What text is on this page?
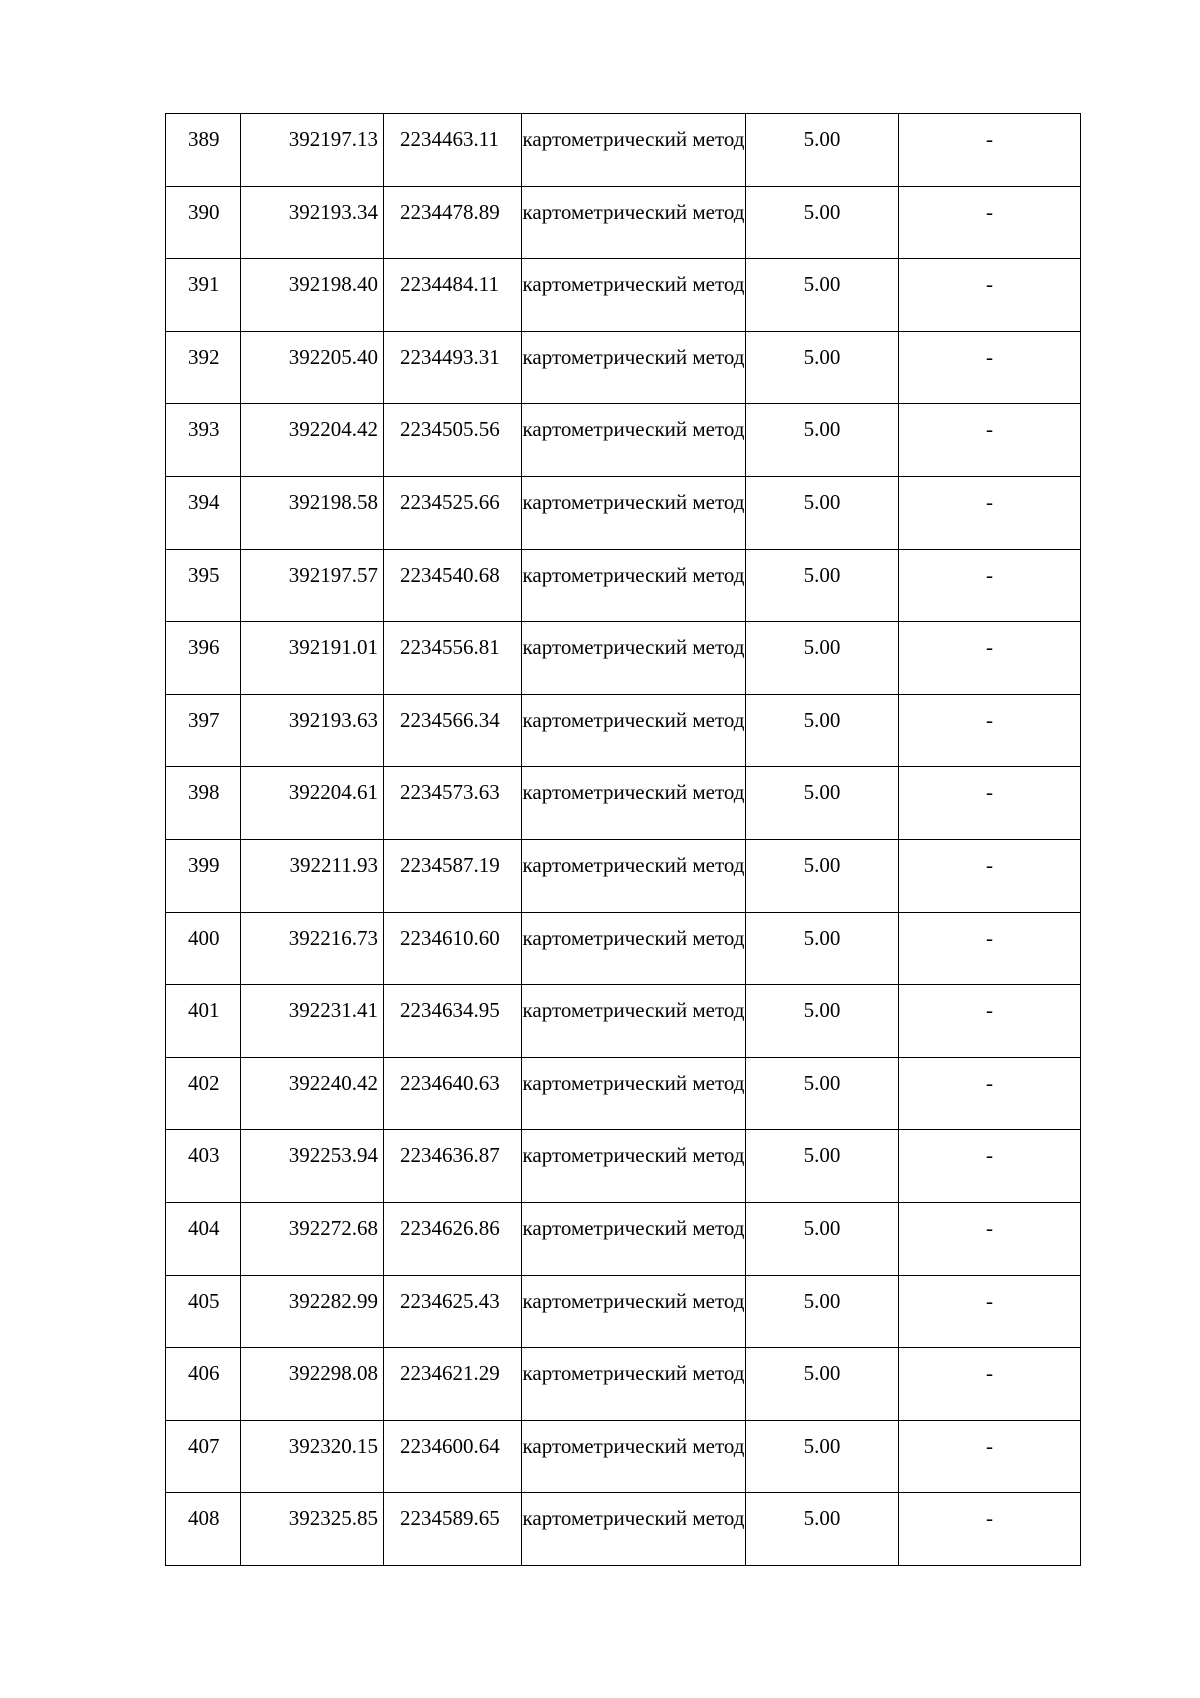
389	392197.13	2234463.11	картометрический метод	5.00	-

390	392193.34	2234478.89	картометрический метод	5.00	-

391	392198.40	2234484.11	картометрический метод	5.00	-

392	392205.40	2234493.31	картометрический метод	5.00	-

393	392204.42	2234505.56	картометрический метод	5.00	-

394	392198.58	2234525.66	картометрический метод	5.00	-

395	392197.57	2234540.68	картометрический метод	5.00	-

396	392191.01	2234556.81	картометрический метод	5.00	-

397	392193.63	2234566.34	картометрический метод	5.00	-

398	392204.61	2234573.63	картометрический метод	5.00	-

399	392211.93	2234587.19	картометрический метод	5.00	-

400	392216.73	2234610.60	картометрический метод	5.00	-

401	392231.41	2234634.95	картометрический метод	5.00	-

402	392240.42	2234640.63	картометрический метод	5.00	-

403	392253.94	2234636.87	картометрический метод	5.00	-

404	392272.68	2234626.86	картометрический метод	5.00	-

405	392282.99	2234625.43	картометрический метод	5.00	-

406	392298.08	2234621.29	картометрический метод	5.00	-

407	392320.15	2234600.64	картометрический метод	5.00	-

408	392325.85	2234589.65	картометрический метод	5.00	-
